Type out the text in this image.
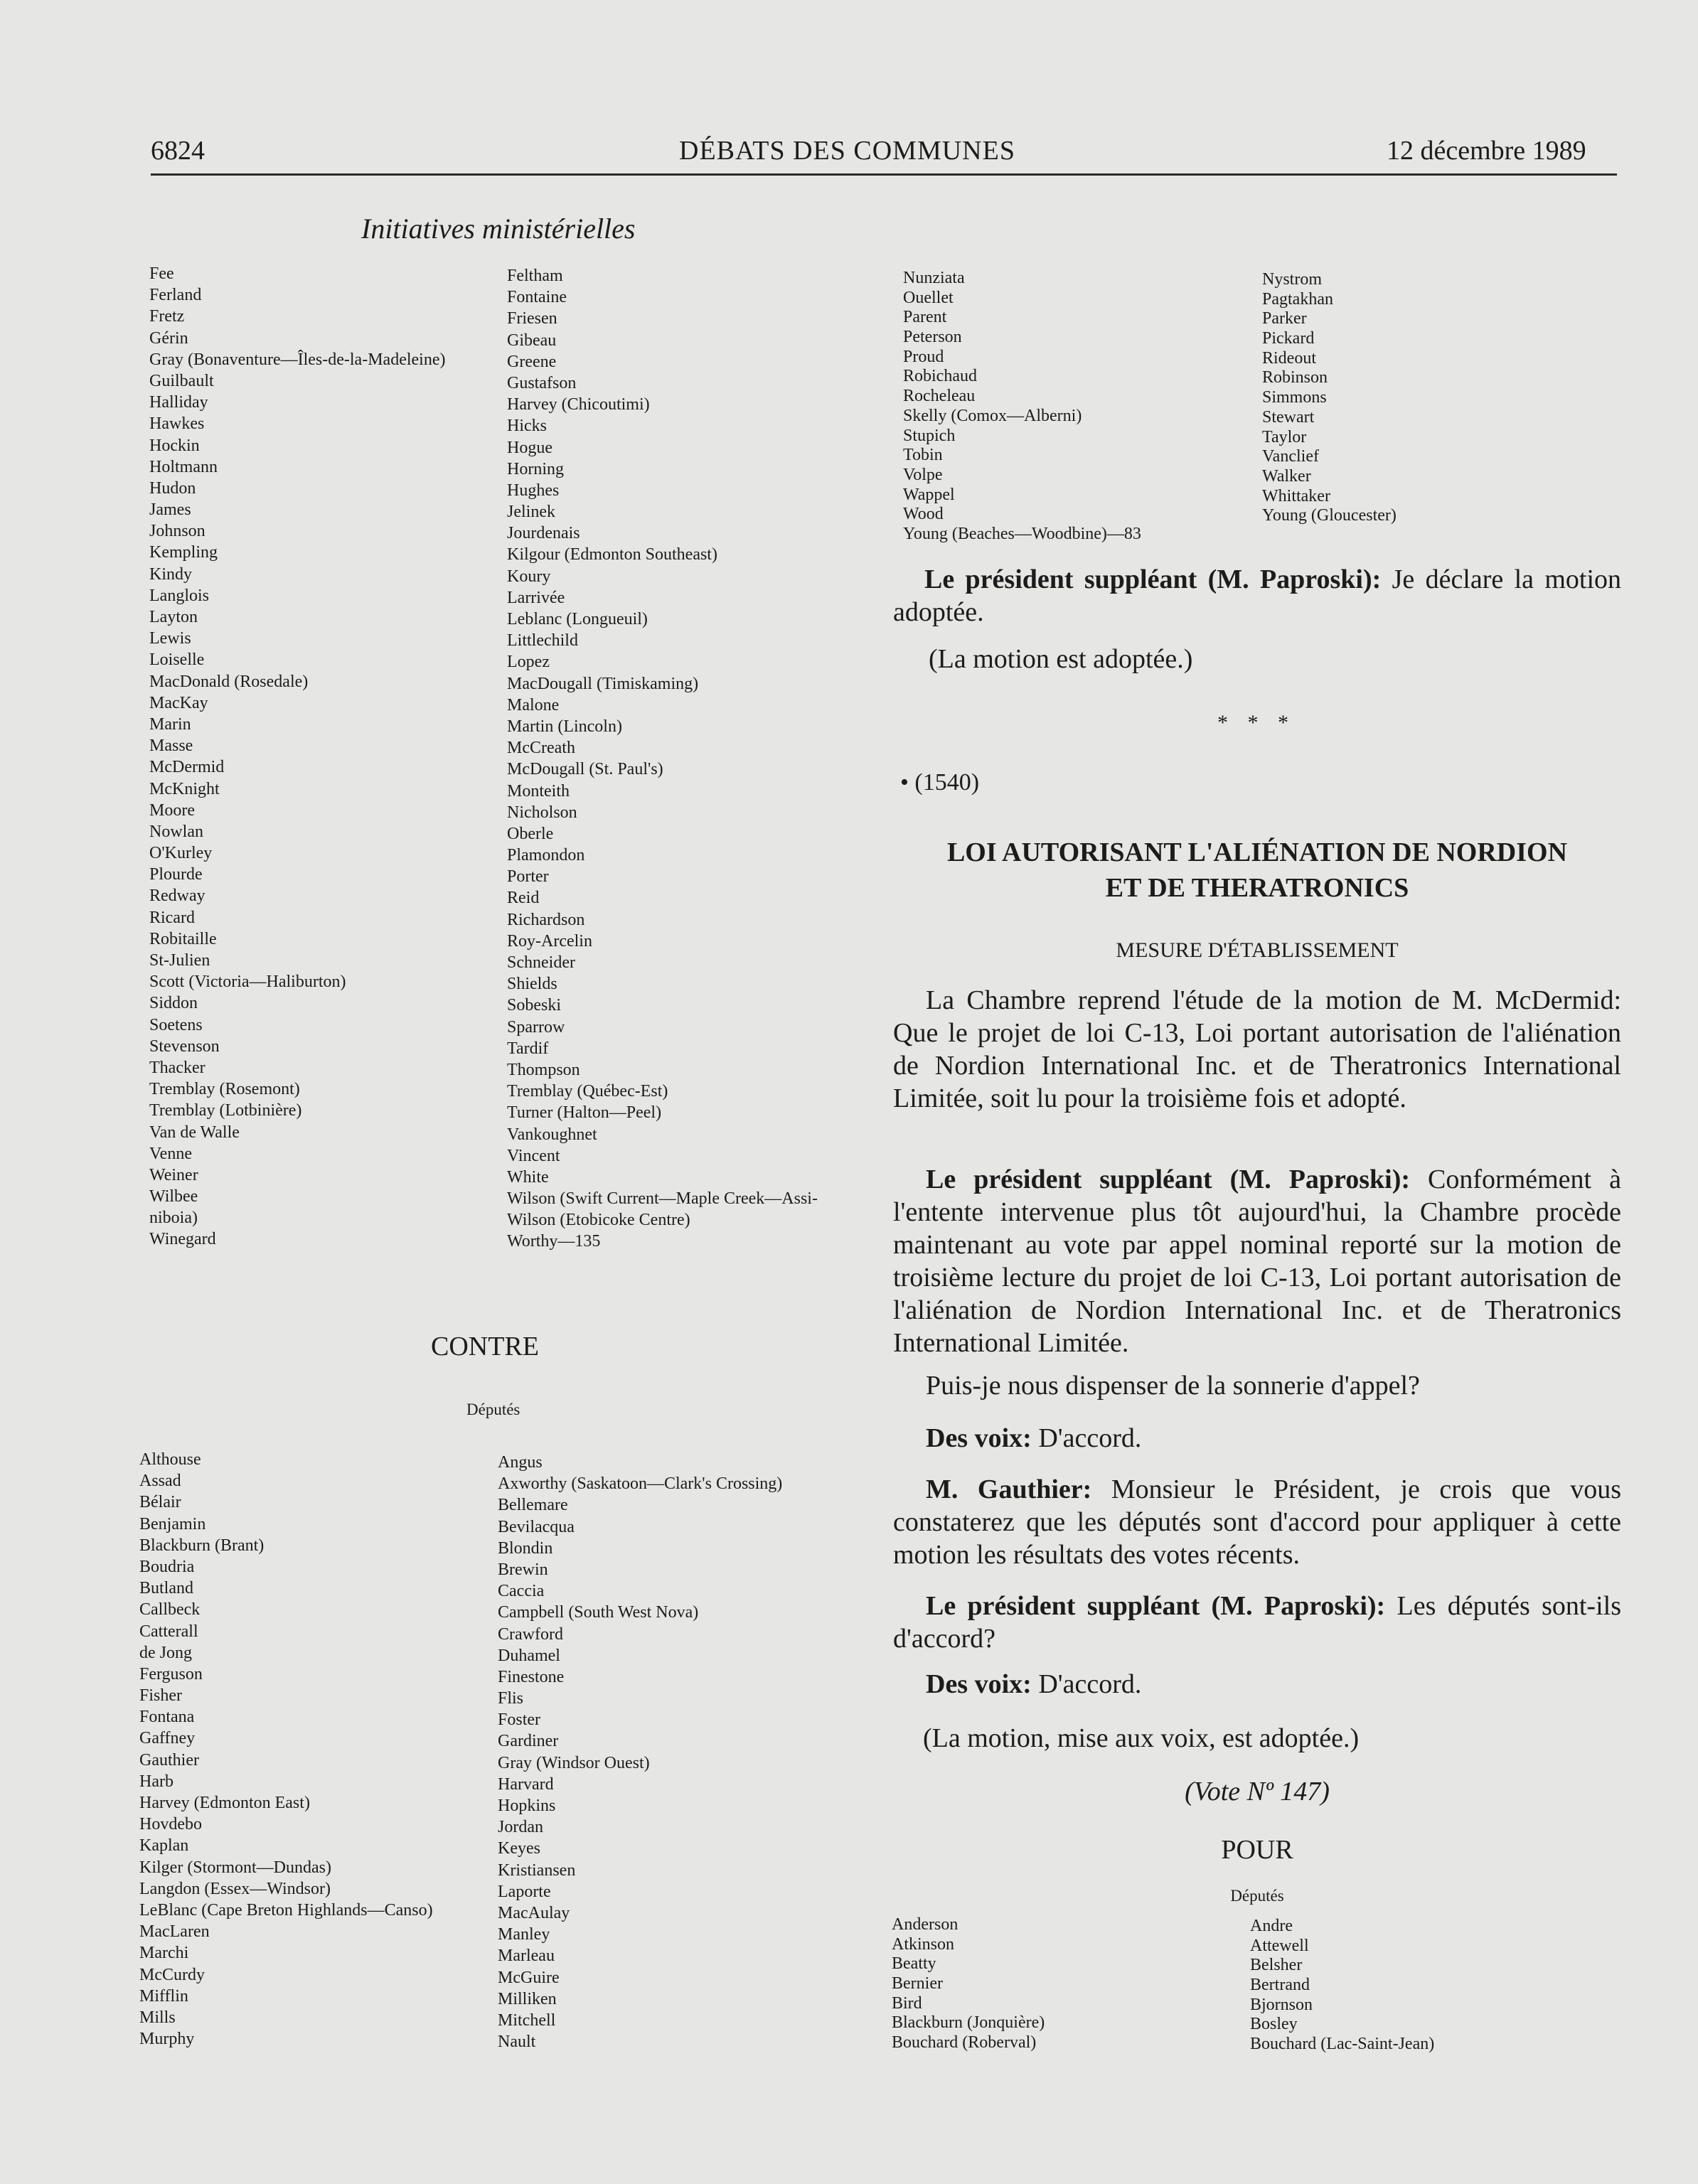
6824	DÉBATS DES COMMUNES	12 décembre 1989
Initiatives ministérielles
Fee
Ferland
Fretz
Gérin
Gray (Bonaventure—Îles-de-la-Madeleine)
Guilbault
Halliday
Hawkes
Hockin
Holtmann
Hudon
James
Johnson
Kempling
Kindy
Langlois
Layton
Lewis
Loiselle
MacDonald (Rosedale)
MacKay
Marin
Masse
McDermid
McKnight
Moore
Nowlan
O'Kurley
Plourde
Redway
Ricard
Robitaille
St-Julien
Scott (Victoria—Haliburton)
Siddon
Soetens
Stevenson
Thacker
Tremblay (Rosemont)
Tremblay (Lotbinière)
Van de Walle
Venne
Weiner
Wilbee
niboia)
Winegard
Feltham
Fontaine
Friesen
Gibeau
Greene
Gustafson
Harvey (Chicoutimi)
Hicks
Hogue
Horning
Hughes
Jelinek
Jourdenais
Kilgour (Edmonton Southeast)
Koury
Larrivée
Leblanc (Longueuil)
Littlechild
Lopez
MacDougall (Timiskaming)
Malone
Martin (Lincoln)
McCreath
McDougall (St. Paul's)
Monteith
Nicholson
Oberle
Plamondon
Porter
Reid
Richardson
Roy-Arcelin
Schneider
Shields
Sobeski
Sparrow
Tardif
Thompson
Tremblay (Québec-Est)
Turner (Halton—Peel)
Vankoughnet
Vincent
White
Wilson (Swift Current—Maple Creek—Assi-
Wilson (Etobicoke Centre)
Worthy—135
CONTRE
Députés
Althouse
Assad
Bélair
Benjamin
Blackburn (Brant)
Boudria
Butland
Callbeck
Catterall
de Jong
Ferguson
Fisher
Fontana
Gaffney
Gauthier
Harb
Harvey (Edmonton East)
Hovdebo
Kaplan
Kilger (Stormont—Dundas)
Langdon (Essex—Windsor)
LeBlanc (Cape Breton Highlands—Canso)
MacLaren
Marchi
McCurdy
Mifflin
Mills
Murphy
Angus
Axworthy (Saskatoon—Clark's Crossing)
Bellemare
Bevilacqua
Blondin
Brewin
Caccia
Campbell (South West Nova)
Crawford
Duhamel
Finestone
Flis
Foster
Gardiner
Gray (Windsor Ouest)
Harvard
Hopkins
Jordan
Keyes
Kristiansen
Laporte
MacAulay
Manley
Marleau
McGuire
Milliken
Mitchell
Nault
Nunziata
Ouellet
Parent
Peterson
Proud
Robichaud
Rocheleau
Skelly (Comox—Alberni)
Stupich
Tobin
Volpe
Wappel
Wood
Young (Beaches—Woodbine)—83
Nystrom
Pagtakhan
Parker
Pickard
Rideout
Robinson
Simmons
Stewart
Taylor
Vanclief
Walker
Whittaker
Young (Gloucester)
Le président suppléant (M. Paproski): Je déclare la motion adoptée.
(La motion est adoptée.)
* * *
• (1540)
LOI AUTORISANT L'ALIÉNATION DE NORDION
ET DE THERATRONICS
MESURE D'ÉTABLISSEMENT
La Chambre reprend l'étude de la motion de M. McDermid: Que le projet de loi C-13, Loi portant autorisation de l'aliénation de Nordion International Inc. et de Theratronics International Limitée, soit lu pour la troisième fois et adopté.
Le président suppléant (M. Paproski): Conformément à l'entente intervenue plus tôt aujourd'hui, la Chambre procède maintenant au vote par appel nominal reporté sur la motion de troisième lecture du projet de loi C-13, Loi portant autorisation de l'aliénation de Nordion International Inc. et de Theratronics International Limitée.
Puis-je nous dispenser de la sonnerie d'appel?
Des voix: D'accord.
M. Gauthier: Monsieur le Président, je crois que vous constaterez que les députés sont d'accord pour appliquer à cette motion les résultats des votes récents.
Le président suppléant (M. Paproski): Les députés sont-ils d'accord?
Des voix: D'accord.
(La motion, mise aux voix, est adoptée.)
(Vote Nº 147)
POUR
Députés
Anderson
Atkinson
Beatty
Bernier
Bird
Blackburn (Jonquière)
Bouchard (Roberval)
Andre
Attewell
Belsher
Bertrand
Bjornson
Bosley
Bouchard (Lac-Saint-Jean)
